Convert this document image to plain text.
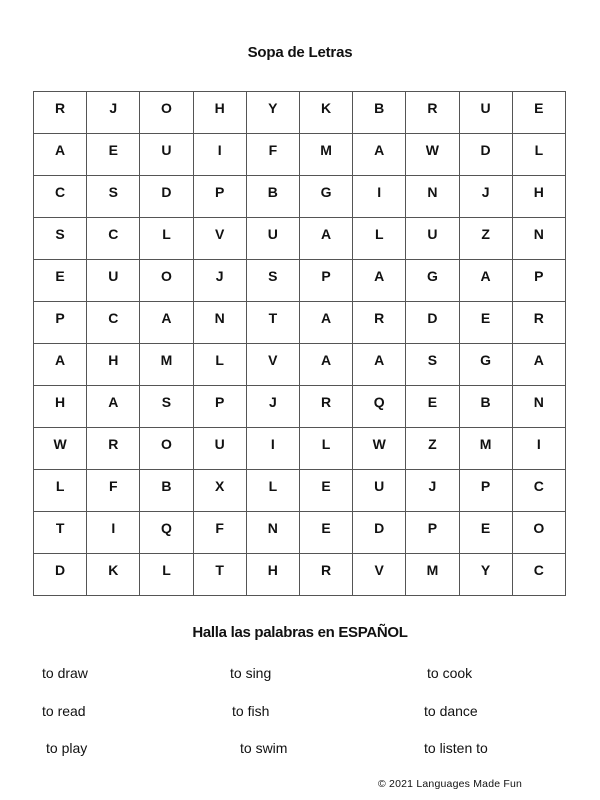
Sopa de Letras
R	J	O	H	Y	K	B	R	U	E
A	E	U	I	F	M	A	W	D	L
C	S	D	P	B	G	I	N	J	H
S	C	L	V	U	A	L	U	Z	N
E	U	O	J	S	P	A	G	A	P
P	C	A	N	T	A	R	D	E	R
A	H	M	L	V	A	A	S	G	A
H	A	S	P	J	R	Q	E	B	N
W	R	O	U	I	L	W	Z	M	I
L	F	B	X	L	E	U	J	P	C
T	I	Q	F	N	E	D	P	E	O
D	K	L	T	H	R	V	M	Y	C
Halla las palabras en ESPAÑOL
to draw	to sing	to cook
to read	to fish	to dance
to play	to swim	to listen to
© 2021 Languages Made Fun
